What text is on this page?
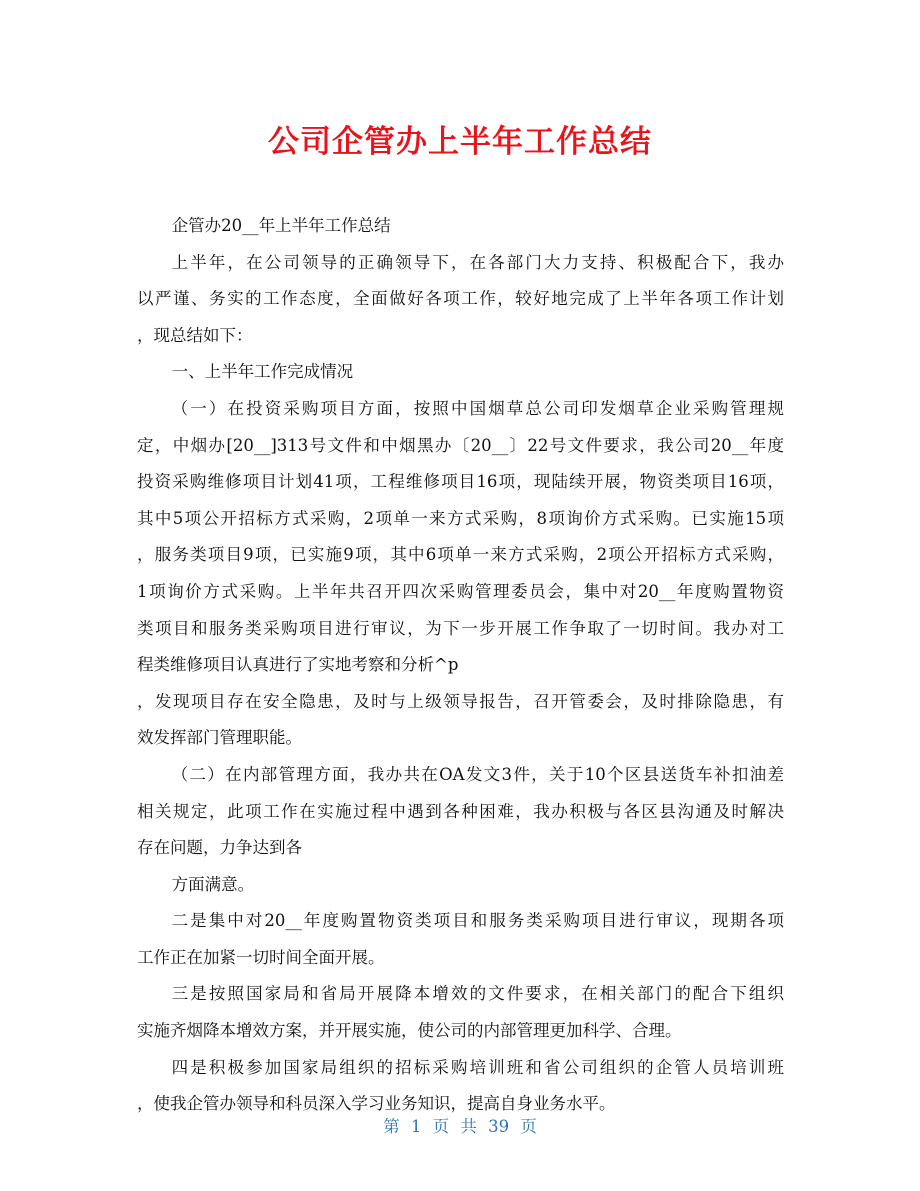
公司企管办上半年工作总结
企管办20__年上半年工作总结
上半年，在公司领导的正确领导下，在各部门大力支持、积极配合下，我办
以严谨、务实的工作态度，全面做好各项工作，较好地完成了上半年各项工作计划
，现总结如下：
一、上半年工作完成情况
（一）在投资采购项目方面，按照中国烟草总公司印发烟草企业采购管理规
定，中烟办[20__]313号文件和中烟黑办〔20__〕22号文件要求，我公司20__年度
投资采购维修项目计划41项，工程维修项目16项，现陆续开展，物资类项目16项，
其中5项公开招标方式采购，2项单一来方式采购，8项询价方式采购。已实施15项
，服务类项目9项，已实施9项，其中6项单一来方式采购，2项公开招标方式采购，
1项询价方式采购。上半年共召开四次采购管理委员会，集中对20__年度购置物资
类项目和服务类采购项目进行审议，为下一步开展工作争取了一切时间。我办对工
程类维修项目认真进行了实地考察和分析^p
，发现项目存在安全隐患，及时与上级领导报告，召开管委会，及时排除隐患，有
效发挥部门管理职能。
（二）在内部管理方面，我办共在OA发文3件，关于10个区县送货车补扣油差
相关规定，此项工作在实施过程中遇到各种困难，我办积极与各区县沟通及时解决
存在问题，力争达到各
方面满意。
二是集中对20__年度购置物资类项目和服务类采购项目进行审议，现期各项
工作正在加紧一切时间全面开展。
三是按照国家局和省局开展降本增效的文件要求，在相关部门的配合下组织
实施齐烟降本增效方案，并开展实施，使公司的内部管理更加科学、合理。
四是积极参加国家局组织的招标采购培训班和省公司组织的企管人员培训班
，使我企管办领导和科员深入学习业务知识，提高自身业务水平。
第 1 页 共 39 页
